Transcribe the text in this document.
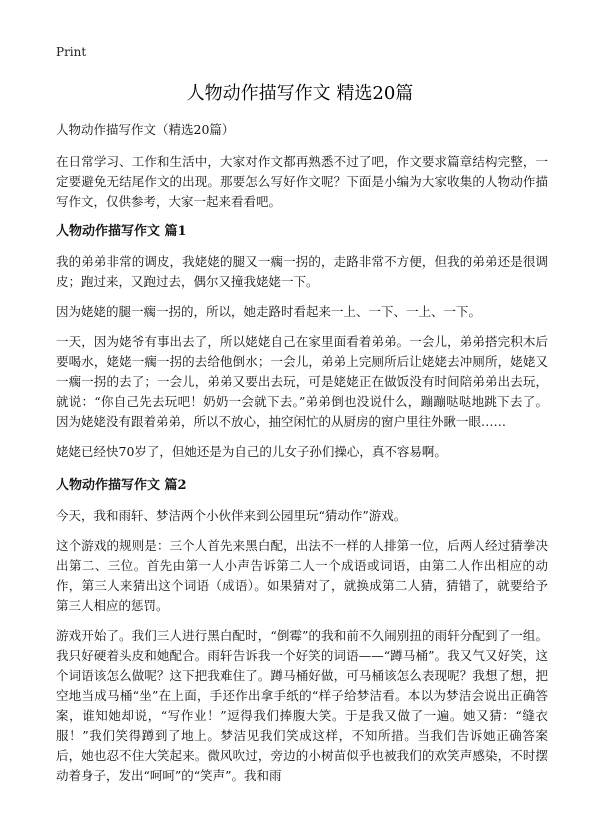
Print
人物动作描写作文 精选20篇

人物动作描写作文（精选20篇）

在日常学习、工作和生活中，大家对作文都再熟悉不过了吧，作文要求篇章结构完整，一定要避免无结尾作文的出现。那要怎么写好作文呢？下面是小编为大家收集的人物动作描写作文，仅供参考，大家一起来看看吧。

人物动作描写作文 篇1

我的弟弟非常的调皮，我姥姥的腿又一瘸一拐的，走路非常不方便，但我的弟弟还是很调皮；跑过来，又跑过去，偶尔又撞我姥姥一下。

因为姥姥的腿一瘸一拐的，所以，她走路时看起来一上、一下、一上、一下。

一天，因为姥爷有事出去了，所以姥姥自己在家里面看着弟弟。一会儿，弟弟搭完积木后要喝水，姥姥一瘸一拐的去给他倒水；一会儿，弟弟上完厕所后让姥姥去冲厕所，姥姥又一瘸一拐的去了；一会儿，弟弟又要出去玩，可是姥姥正在做饭没有时间陪弟弟出去玩，就说：“你自己先去玩吧！奶奶一会就下去。”弟弟倒也没说什么，蹦蹦哒哒地跳下去了。因为姥姥没有跟着弟弟，所以不放心，抽空闲忙的从厨房的窗户里往外瞅一眼……

姥姥已经快70岁了，但她还是为自己的儿女子孙们操心，真不容易啊。

人物动作描写作文 篇2

今天，我和雨轩、梦洁两个小伙伴来到公园里玩“猜动作”游戏。

这个游戏的规则是：三个人首先来黑白配，出法不一样的人排第一位，后两人经过猜拳决出第二、三位。首先由第一人小声告诉第二人一个成语或词语，由第二人作出相应的动作，第三人来猜出这个词语（成语）。如果猜对了，就换成第二人猜，猜错了，就要给予第三人相应的惩罚。

游戏开始了。我们三人进行黑白配时，“倒霉”的我和前不久闹别扭的雨轩分配到了一组。我只好硬着头皮和她配合。雨轩告诉我一个好笑的词语——“蹲马桶”。我又气又好笑，这个词语该怎么做呢？这下把我难住了。蹲马桶好做，可马桶该怎么表现呢？我想了想，把空地当成马桶“坐”在上面，手还作出拿手纸的“样子给梦洁看。本以为梦洁会说出正确答案，谁知她却说，“写作业！”逗得我们捧腹大笑。于是我又做了一遍。她又猜：“缝衣服！”我们笑得蹲到了地上。梦洁见我们笑成这样，不知所措。当我们告诉她正确答案后，她也忍不住大笑起来。微风吹过，旁边的小树苗似乎也被我们的欢笑声感染，不时摆动着身子，发出“呵呵”的“笑声”。我和雨
